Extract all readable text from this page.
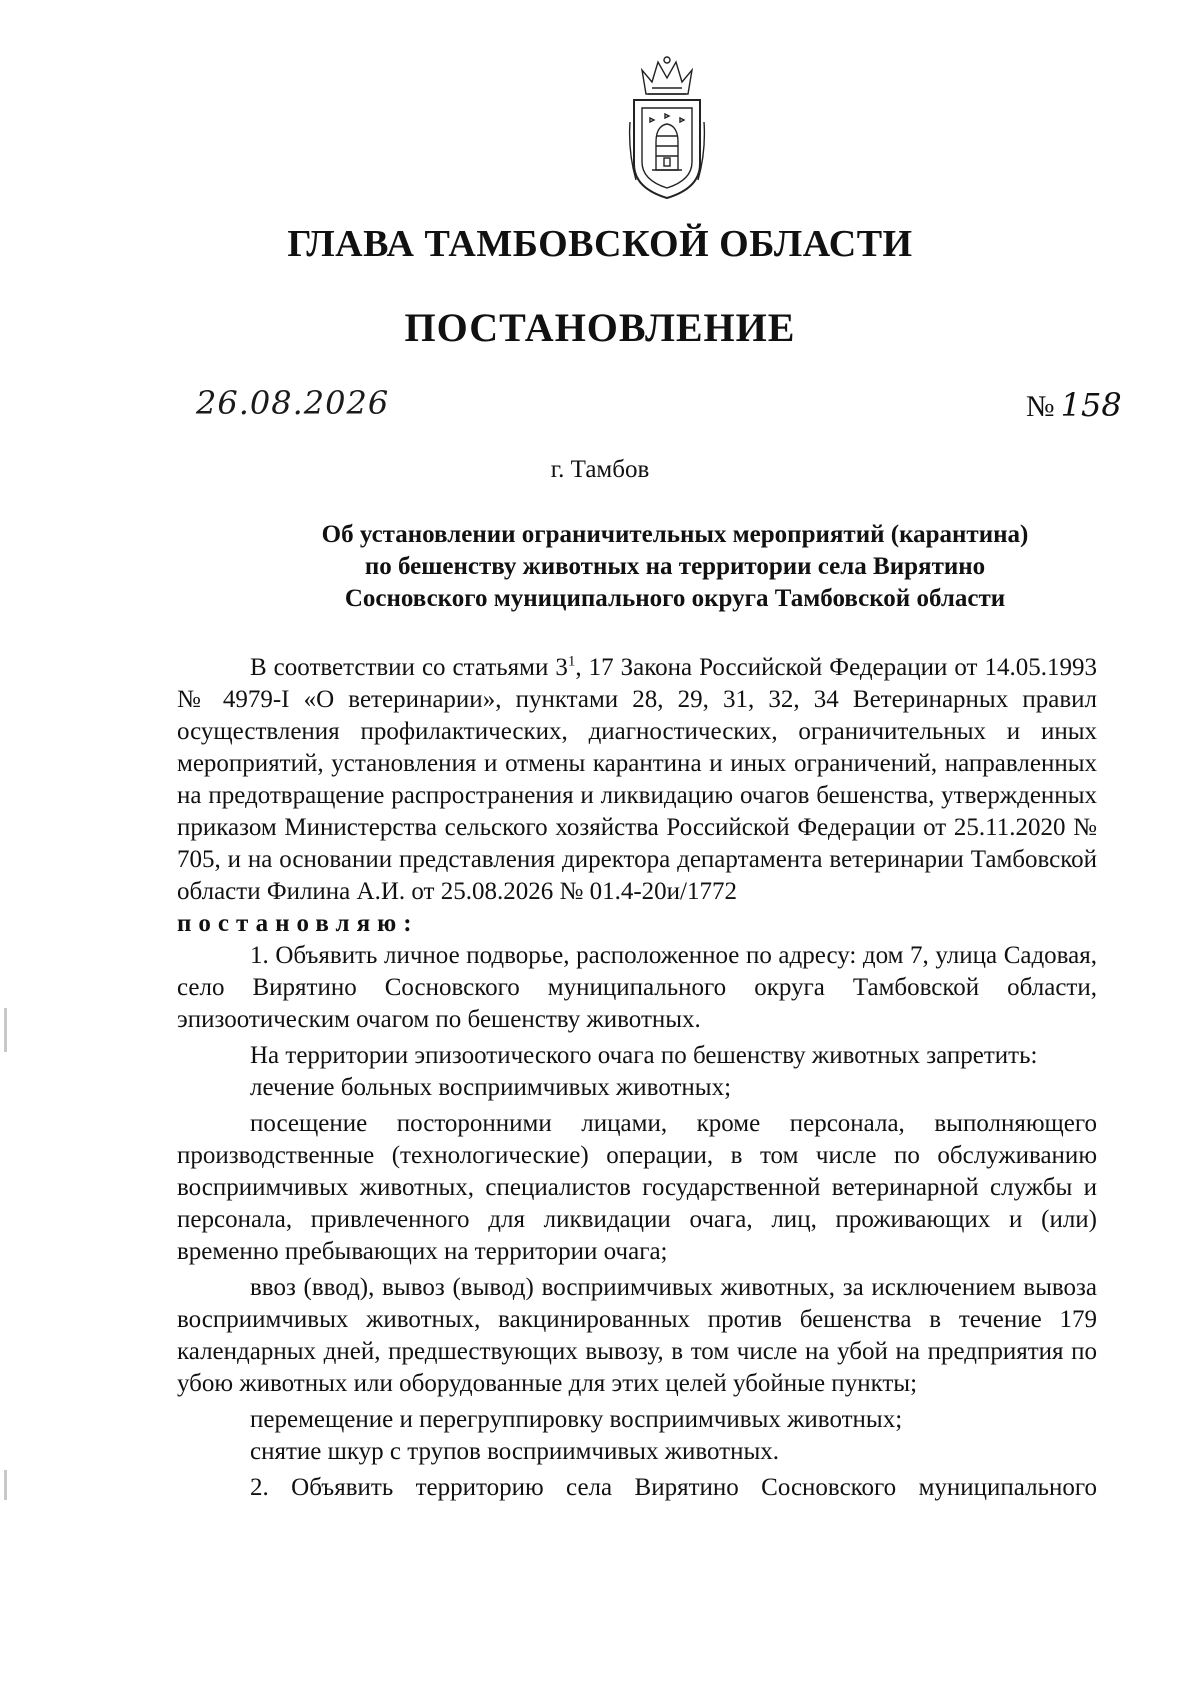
ГЛАВА ТАМБОВСКОЙ ОБЛАСТИ
ПОСТАНОВЛЕНИЕ
26.08.2026	№ 158
г. Тамбов
Об установлении ограничительных мероприятий (карантина)
по бешенству животных на территории села Вирятино
Сосновского муниципального округа Тамбовской области

В соответствии со статьями $3^1$, 17 Закона Российской Федерации от 14.05.1993 № 4979-I «О ветеринарии», пунктами 28, 29, 31, 32, 34 Ветеринарных правил осуществления профилактических, диагностических, ограничительных и иных мероприятий, установления и отмены карантина и иных ограничений, направленных на предотвращение распространения и ликвидацию очагов бешенства, утвержденных приказом Министерства сельского хозяйства Российской Федерации от 25.11.2020 № 705, и на основании представления директора департамента ветеринарии Тамбовской области Филина А.И. от 25.08.2026 № 01.4-20и/1772

постановляю:

1. Объявить личное подворье, расположенное по адресу: дом 7, улица Садовая, село Вирятино Сосновского муниципального округа Тамбовской области, эпизоотическим очагом по бешенству животных.

На территории эпизоотического очага по бешенству животных запретить:

лечение больных восприимчивых животных;

посещение посторонними лицами, кроме персонала, выполняющего производственные (технологические) операции, в том числе по обслуживанию восприимчивых животных, специалистов государственной ветеринарной службы и персонала, привлеченного для ликвидации очага, лиц, проживающих и (или) временно пребывающих на территории очага;

ввоз (ввод), вывоз (вывод) восприимчивых животных, за исключением вывоза восприимчивых животных, вакцинированных против бешенства в течение 179 календарных дней, предшествующих вывозу, в том числе на убой на предприятия по убою животных или оборудованные для этих целей убойные пункты;

перемещение и перегруппировку восприимчивых животных;

снятие шкур с трупов восприимчивых животных.

2. Объявить территорию села Вирятино Сосновского муниципального
